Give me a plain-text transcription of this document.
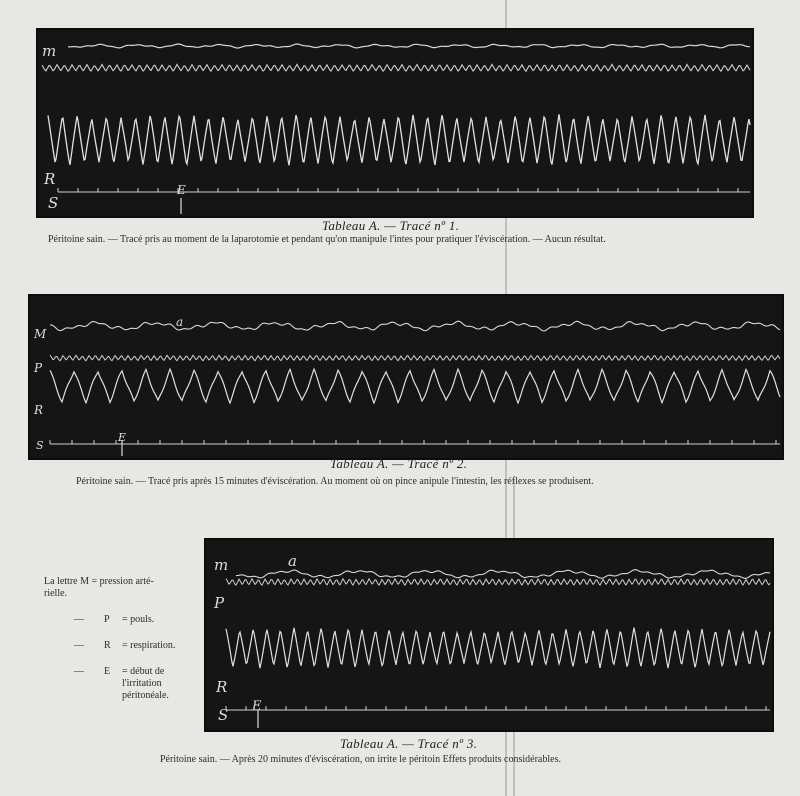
m
R
S
E
Tableau A. — Tracé nº 1.
Péritoine sain. — Tracé pris au moment de la laparotomie et pendant qu'on manipule l'intes pour pratiquer l'éviscération. — Aucun résultat.
M
a
P
R
S
E
Tableau A. — Tracé nº 2.
Péritoine sain. — Tracé pris après 15 minutes d'éviscération. Au moment où on pince anipule l'intestin, les réflexes se produisent.
m	a
P
R
S E
Tableau A. — Tracé nº 3.
Péritoine sain. — Après 20 minutes d'éviscération, on irrite le péritoin Effets produits considérables.
La lettre M = pression arté-rielle.
— P = pouls.
— R = respiration.
— E = début de l'irritation péritonéale.
